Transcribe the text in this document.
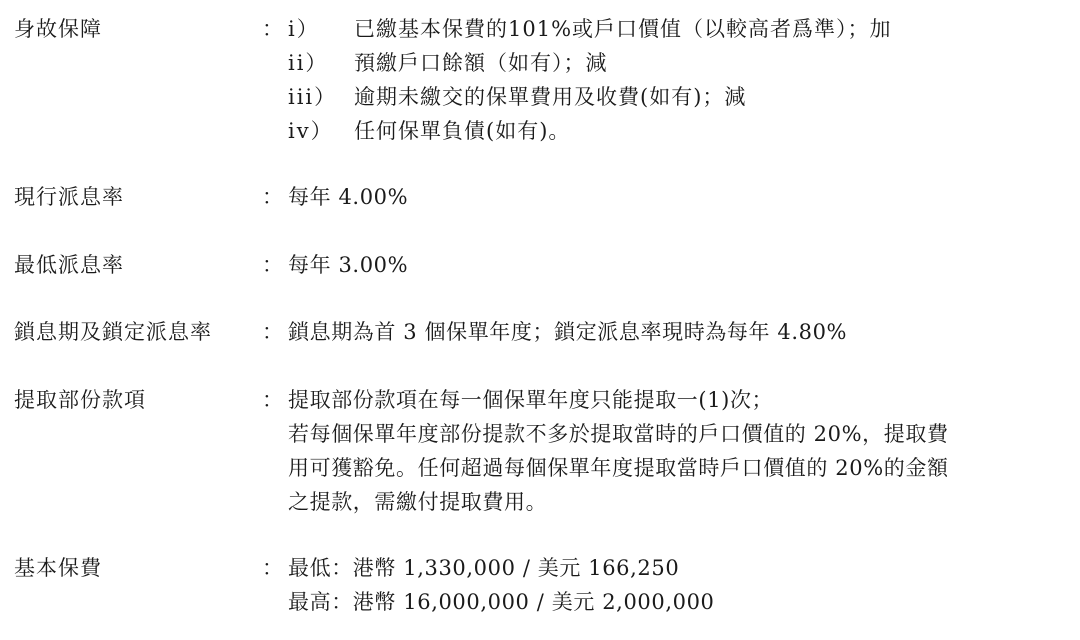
身故保障	： i）	已繳基本保費的101%或戶口價值（以較高者爲準）；加
ii）	預繳戶口餘額（如有）；減
iii） 逾期未繳交的保單費用及收費(如有)；減
iv） 任何保單負債(如有)。
現行派息率	： 每年 4.00%
最低派息率	： 每年 3.00%
鎖息期及鎖定派息率 ： 鎖息期為首 3 個保單年度；鎖定派息率現時為每年 4.80%
提取部份款項	： 提取部份款項在每一個保單年度只能提取一(1)次；
若每個保單年度部份提款不多於提取當時的戶口價值的 20%，提取費
用可獲豁免。任何超過每個保單年度提取當時戶口價值的 20%的金額
之提款，需繳付提取費用。
基本保費	： 最低：港幣 1,330,000 / 美元 166,250
最高：港幣 16,000,000 / 美元 2,000,000
